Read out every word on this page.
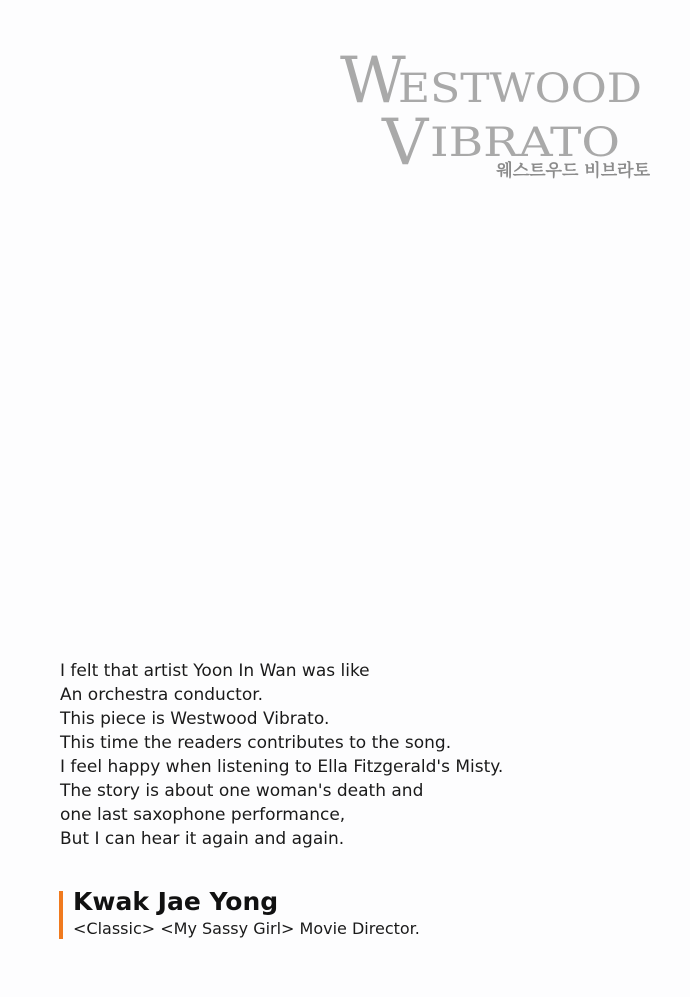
W
ESTWOOD
V IBRATO
웨스트우드 비브라토
I felt that artist Yoon In Wan was like
An orchestra conductor.
This piece is Westwood Vibrato.
This time the readers contributes to the song.
I feel happy when listening to Ella Fitzgerald's Misty.
The story is about one woman's death and
one last saxophone performance,
But I can hear it again and again.
Kwak Jae Yong
<Classic> <My Sassy Girl> Movie Director.
